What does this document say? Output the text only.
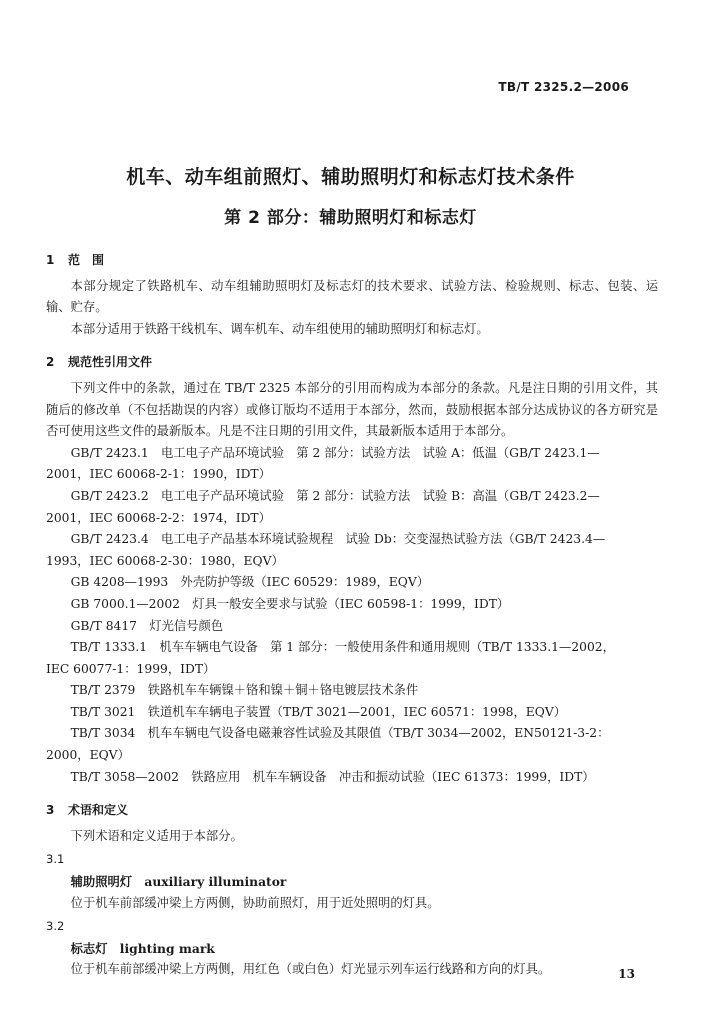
TB/T 2325.2—2006
机车、动车组前照灯、辅助照明灯和标志灯技术条件
第 2 部分：辅助照明灯和标志灯
1 范　围

本部分规定了铁路机车、动车组辅助照明灯及标志灯的技术要求、试验方法、检验规则、标志、包装、运输、贮存。

本部分适用于铁路干线机车、调车机车、动车组使用的辅助照明灯和标志灯。

2 规范性引用文件

下列文件中的条款，通过在 TB/T 2325 本部分的引用而构成为本部分的条款。凡是注日期的引用文件，其随后的修改单（不包括勘误的内容）或修订版均不适用于本部分，然而，鼓励根据本部分达成协议的各方研究是否可使用这些文件的最新版本。凡是不注日期的引用文件，其最新版本适用于本部分。

GB/T 2423.1　电工电子产品环境试验　第 2 部分：试验方法　试验 A：低温（GB/T 2423.1—

2001，IEC 60068-2-1：1990，IDT）

GB/T 2423.2　电工电子产品环境试验　第 2 部分：试验方法　试验 B：高温（GB/T 2423.2—

2001，IEC 60068-2-2：1974，IDT）

GB/T 2423.4　电工电子产品基本环境试验规程　试验 Db：交变湿热试验方法（GB/T 2423.4—

1993，IEC 60068-2-30：1980，EQV）

GB 4208—1993　外壳防护等级（IEC 60529：1989，EQV）

GB 7000.1—2002　灯具一般安全要求与试验（IEC 60598-1：1999，IDT）

GB/T 8417　灯光信号颜色

TB/T 1333.1　机车车辆电气设备　第 1 部分：一般使用条件和通用规则（TB/T 1333.1—2002，

IEC 60077-1：1999，IDT）

TB/T 2379　铁路机车车辆镍＋铬和镍＋铜＋铬电镀层技术条件

TB/T 3021　铁道机车车辆电子装置（TB/T 3021—2001，IEC 60571：1998，EQV）

TB/T 3034　机车车辆电气设备电磁兼容性试验及其限值（TB/T 3034—2002，EN50121-3-2：

2000，EQV）

TB/T 3058—2002　铁路应用　机车车辆设备　冲击和振动试验（IEC 61373：1999，IDT）

3 术语和定义

下列术语和定义适用于本部分。

3.1

辅助照明灯　auxiliary illuminator

位于机车前部缓冲梁上方两侧，协助前照灯，用于近处照明的灯具。

3.2

标志灯　lighting mark

位于机车前部缓冲梁上方两侧，用红色（或白色）灯光显示列车运行线路和方向的灯具。	13
